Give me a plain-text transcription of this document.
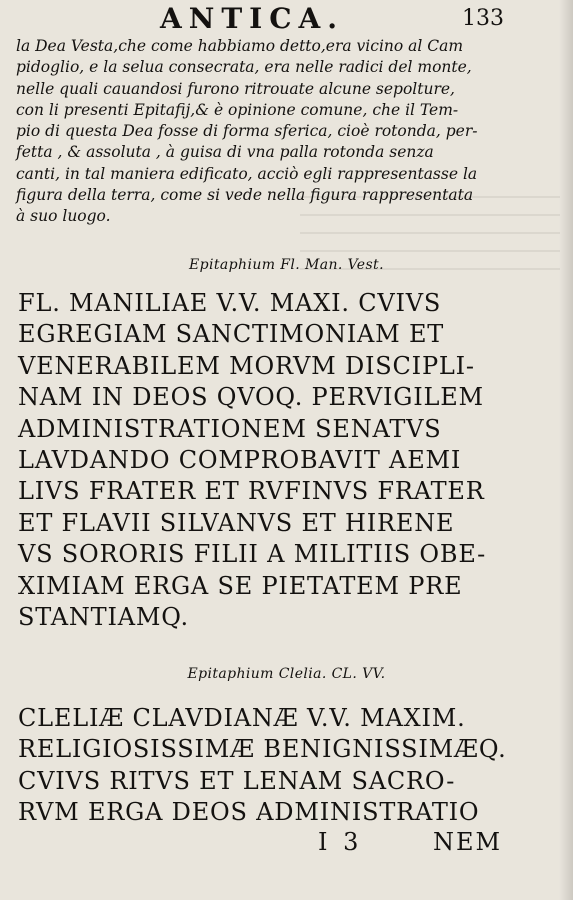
ANTICA.	133
la Dea Vesta,che come habbiamo detto,era vicino al Cam
pidoglio, e la selua consecrata, era nelle radici del monte,
nelle quali cauandosi furono ritrouate alcune sepolture,
con li presenti Epitafij,& è opinione comune, che il Tem-
pio di questa Dea fosse di forma sferica, cioè rotonda, per-
fetta , & assoluta , à guisa di vna palla rotonda senza
canti, in tal maniera edificato, acciò egli rappresentasse la
figura della terra, come si vede nella figura rappresentata
à suo luogo.
Epitaphium Fl. Man. Vest.
FL. MANILIAE V.V. MAXI. CVIVS
EGREGIAM SANCTIMONIAM ET
VENERABILEM MORVM DISCIPLI-
NAM IN DEOS QVOQ. PERVIGILEM
ADMINISTRATIONEM SENATVS
LAVDANDO COMPROBAVIT AEMI
LIVS FRATER ET RVFINVS FRATER
ET FLAVII SILVANVS ET HIRENE
VS SORORIS FILII A MILITIIS OBE-
XIMIAM ERGA SE PIETATEM PRE
STANTIAMQ.
Epitaphium Clelia. CL. VV.
CLELIÆ CLAVDIANÆ V.V. MAXIM.
RELIGIOSISSIMÆ BENIGNISSIMÆQ.
CVIVS RITVS ET LENAM SACRO-
RVM ERGA DEOS ADMINISTRATIO
I 3	NEM
